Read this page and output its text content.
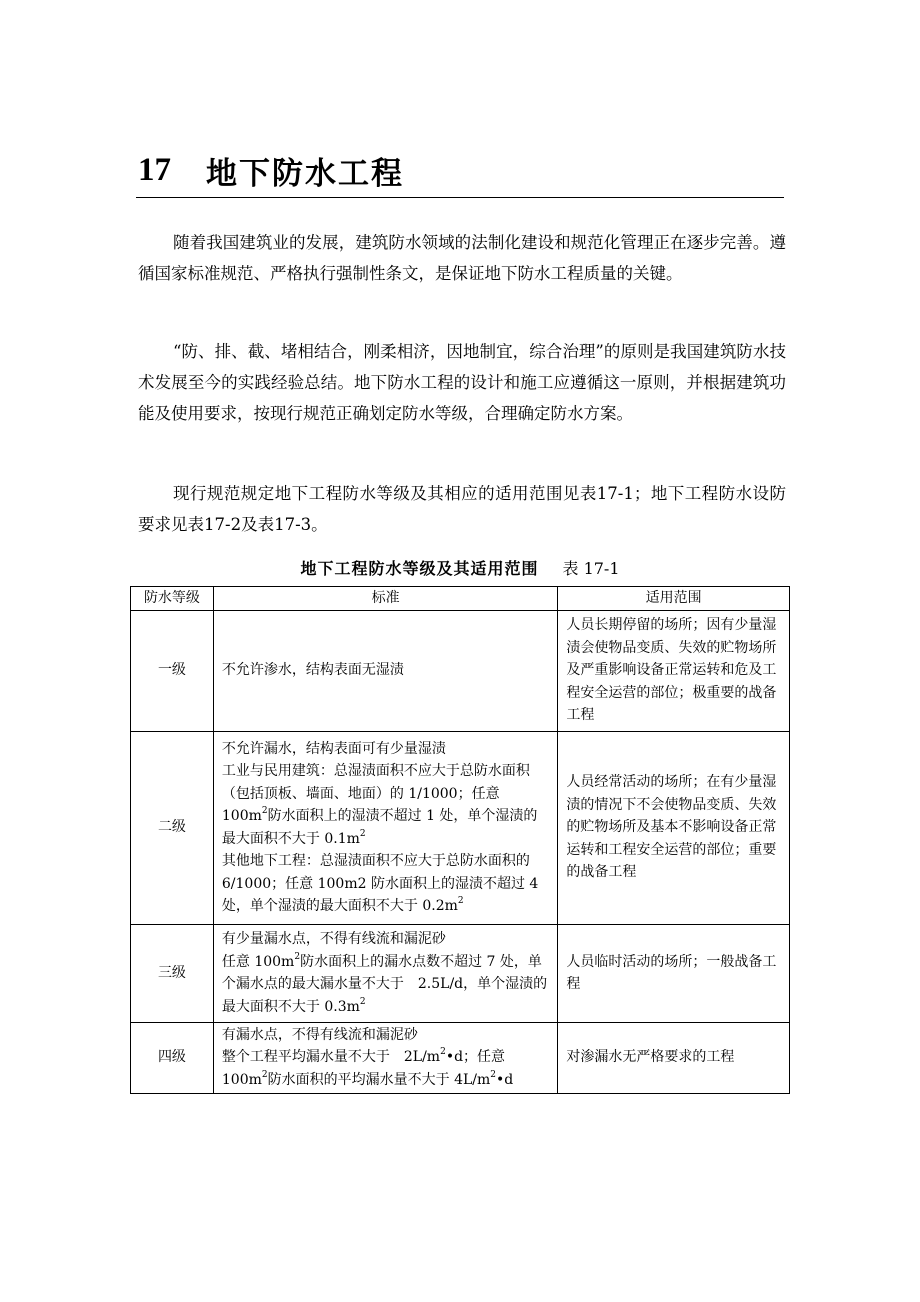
17	地下防水工程

随着我国建筑业的发展，建筑防水领域的法制化建设和规范化管理正在逐步完善。遵循国家标准规范、严格执行强制性条文，是保证地下防水工程质量的关键。

“防、排、截、堵相结合，刚柔相济，因地制宜，综合治理”的原则是我国建筑防水技术发展至今的实践经验总结。地下防水工程的设计和施工应遵循这一原则，并根据建筑功能及使用要求，按现行规范正确划定防水等级，合理确定防水方案。

现行规范规定地下工程防水等级及其相应的适用范围见表17-1；地下工程防水设防要求见表17-2及表17-3。

地下工程防水等级及其适用范围 表 17-1
防水等级	标准	适用范围
一级	不允许渗水，结构表面无湿渍	人员长期停留的场所；因有少量湿渍会使物品变质、失效的贮物场所及严重影响设备正常运转和危及工程安全运营的部位；极重要的战备工程
二级	不允许漏水，结构表面可有少量湿渍
工业与民用建筑：总湿渍面积不应大于总防水面积（包括顶板、墙面、地面）的 1/1000；任意 $100m^2$防水面积上的湿渍不超过 1 处，单个湿渍的最大面积不大于 $0.1m^2$
其他地下工程：总湿渍面积不应大于总防水面积的 6/1000；任意 100m2 防水面积上的湿渍不超过 4 处，单个湿渍的最大面积不大于 $0.2m^2$	人员经常活动的场所；在有少量湿渍的情况下不会使物品变质、失效的贮物场所及基本不影响设备正常运转和工程安全运营的部位；重要的战备工程
三级	有少量漏水点，不得有线流和漏泥砂
任意 $100m^2$防水面积上的漏水点数不超过 7 处，单个漏水点的最大漏水量不大于　2.5L/d，单个湿渍的最大面积不大于 $0.3m^2$	人员临时活动的场所；一般战备工程
四级	有漏水点，不得有线流和漏泥砂
整个工程平均漏水量不大于　$2L/m^2•d$；任意 $100m^2$防水面积的平均漏水量不大于 $4L/m^2•d$	对渗漏水无严格要求的工程
